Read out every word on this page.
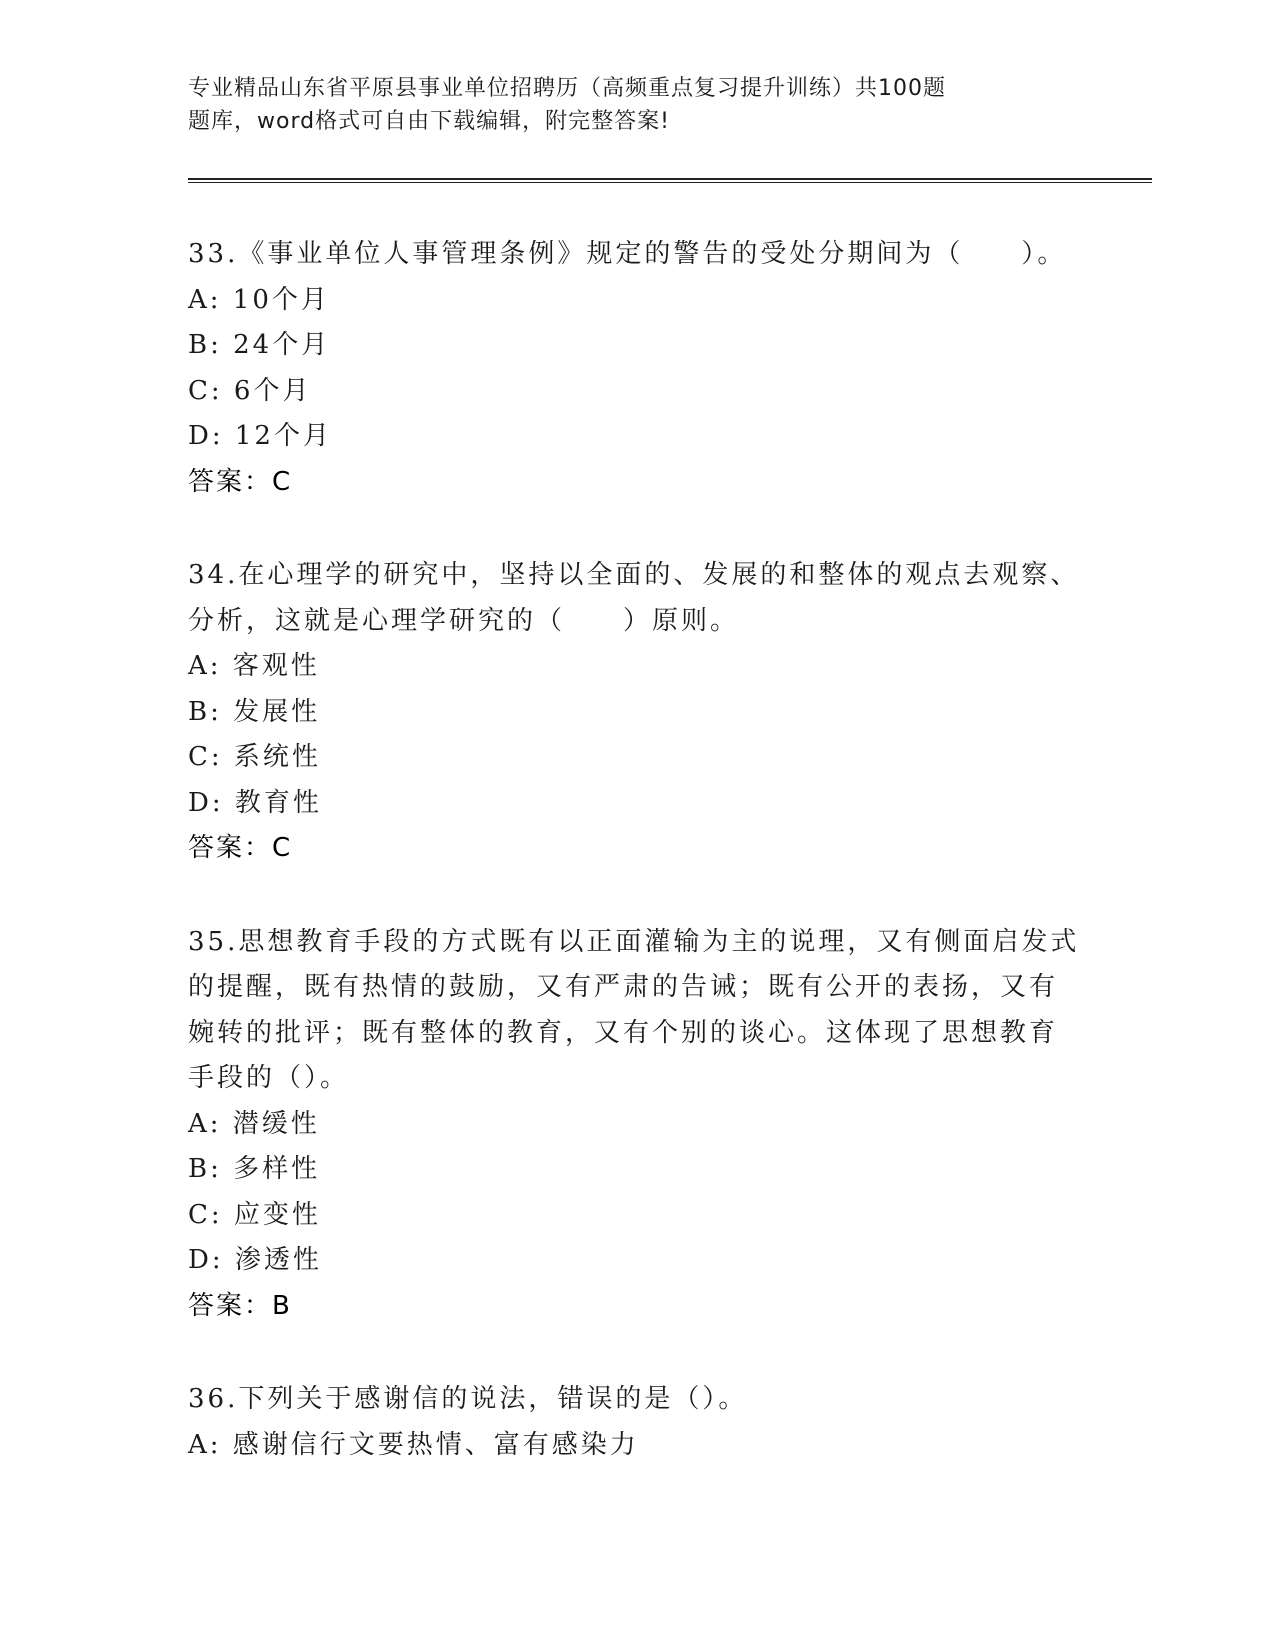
专业精品山东省平原县事业单位招聘历（高频重点复习提升训练）共100题

题库，word格式可自由下载编辑，附完整答案!

33.《事业单位人事管理条例》规定的警告的受处分期间为（　　）。

A: 10个月

B: 24个月

C: 6个月

D: 12个月

答案：C

34.在心理学的研究中，坚持以全面的、发展的和整体的观点去观察、

分析，这就是心理学研究的（　　）原则。

A: 客观性

B: 发展性

C: 系统性

D: 教育性

答案：C

35.思想教育手段的方式既有以正面灌输为主的说理，又有侧面启发式

的提醒，既有热情的鼓励，又有严肃的告诫；既有公开的表扬，又有

婉转的批评；既有整体的教育，又有个别的谈心。这体现了思想教育

手段的（）。

A: 潜缓性

B: 多样性

C: 应变性

D: 渗透性

答案：B

36.下列关于感谢信的说法，错误的是（）。

A: 感谢信行文要热情、富有感染力
